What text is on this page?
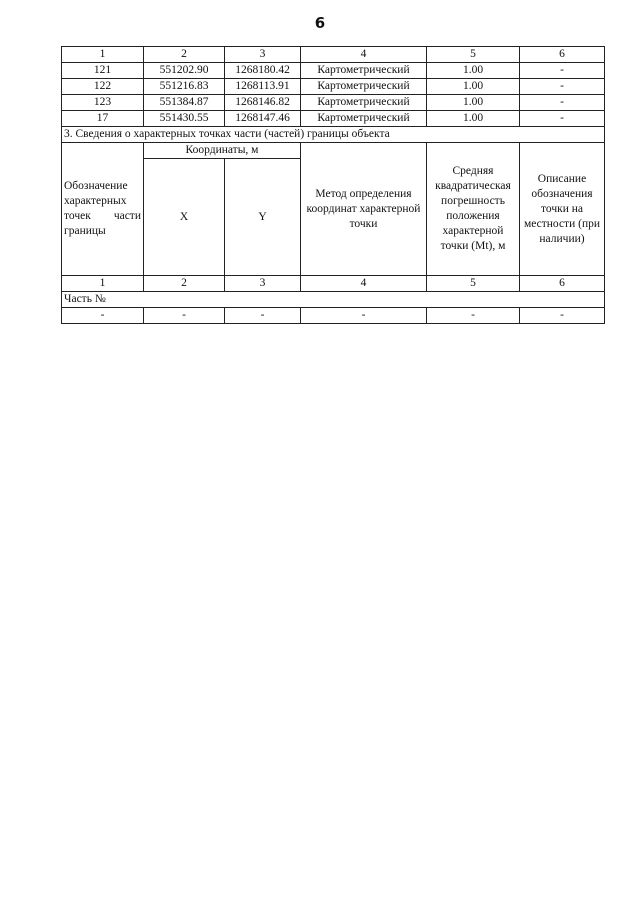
6
1	2	3	4	5	6
121	551202.90	1268180.42	Картометрический	1.00	-
122	551216.83	1268113.91	Картометрический	1.00	-
123	551384.87	1268146.82	Картометрический	1.00	-
17	551430.55	1268147.46	Картометрический	1.00	-
3. Сведения о характерных точках части (частей) границы объекта					
Обозначение характерных точек части границы	Координаты, м		Метод определения координат характерной точки	Средняя квадратическая погрешность положения характерной точки (Mt), м	Описание обозначения точки на местности (при наличии)
	X	Y			
1	2	3	4	5	6
Часть №					
-	-	-	-	-	-
